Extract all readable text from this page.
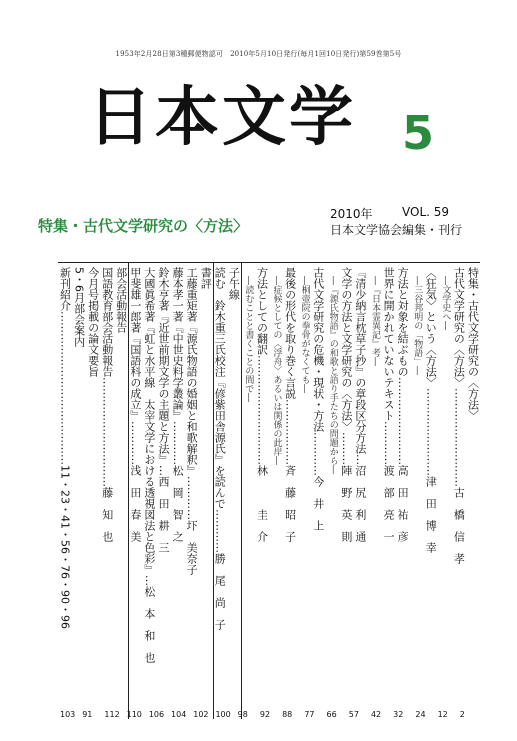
1953年2月28日第3種郵便物認可　2010年5月10日発行(毎月1回10日発行)第59巻第5号
日本文学 5
特集・古代文学研究の〈方法〉
2010年 VOL. 59
日本文学協会編集・刊行
特集・古代文学研究の〈方法〉
古代文学研究の〈方法〉………………………古　橋　信　孝
　―文学史へ―
〈狂気〉という〈方法〉……………………津　田　博　幸
　―三谷邦明の「物語」―
方法と対象を結ぶもの……………………高　田　祐　彦
世界に開かれていないテキスト…………渡　部　亮　一
　―『日本霊異記』考―
『清少納言枕草子抄』の章段区分方法…沼　尻　利　通
文学の方法と文学研究の〈方法〉………陣　野　英　則
　―『源氏物語』の和歌と語り手たちの問題から―
古代文学研究の危機・現状・方法…………今　井　上
　―桐壺院の拳骨がなくても―
最後の形代を取り巻く言説………………斉　藤　昭　子
　―症候としての〈浮舟〉あるいは関係の此岸―
方法としての翻訳…………………………林　　　圭　介
　―読むことと書くことの間で―
子午線
読む　鈴木重三氏校注『偐紫田舎源氏』を読んで…………勝　尾　尚　子
書評
工藤重矩著『源氏物語の婚姻と和歌解釈』…………圷　美奈子
藤本孝一著『中世史料学叢論』…………松　岡　智　之
鈴木亨著『近世前期文学の主題と方法』…西　田　耕　三
大國眞希著『虹と水平線　太宰文学における透視図法と色彩』…松　本　和　也
甲斐雄一郎著『国語科の成立』…………浅　田　春　美
部会活動報告
国語教育部会活動報告…………………………藤　知　也
今月号掲載の論文要旨
5・6月部会案内
新刊紹介……………………………………11・23・41・56・76・90・96
2
12
24
32
42
57
66
77
88
92
98
100
102
104
106
110
112
91
103
